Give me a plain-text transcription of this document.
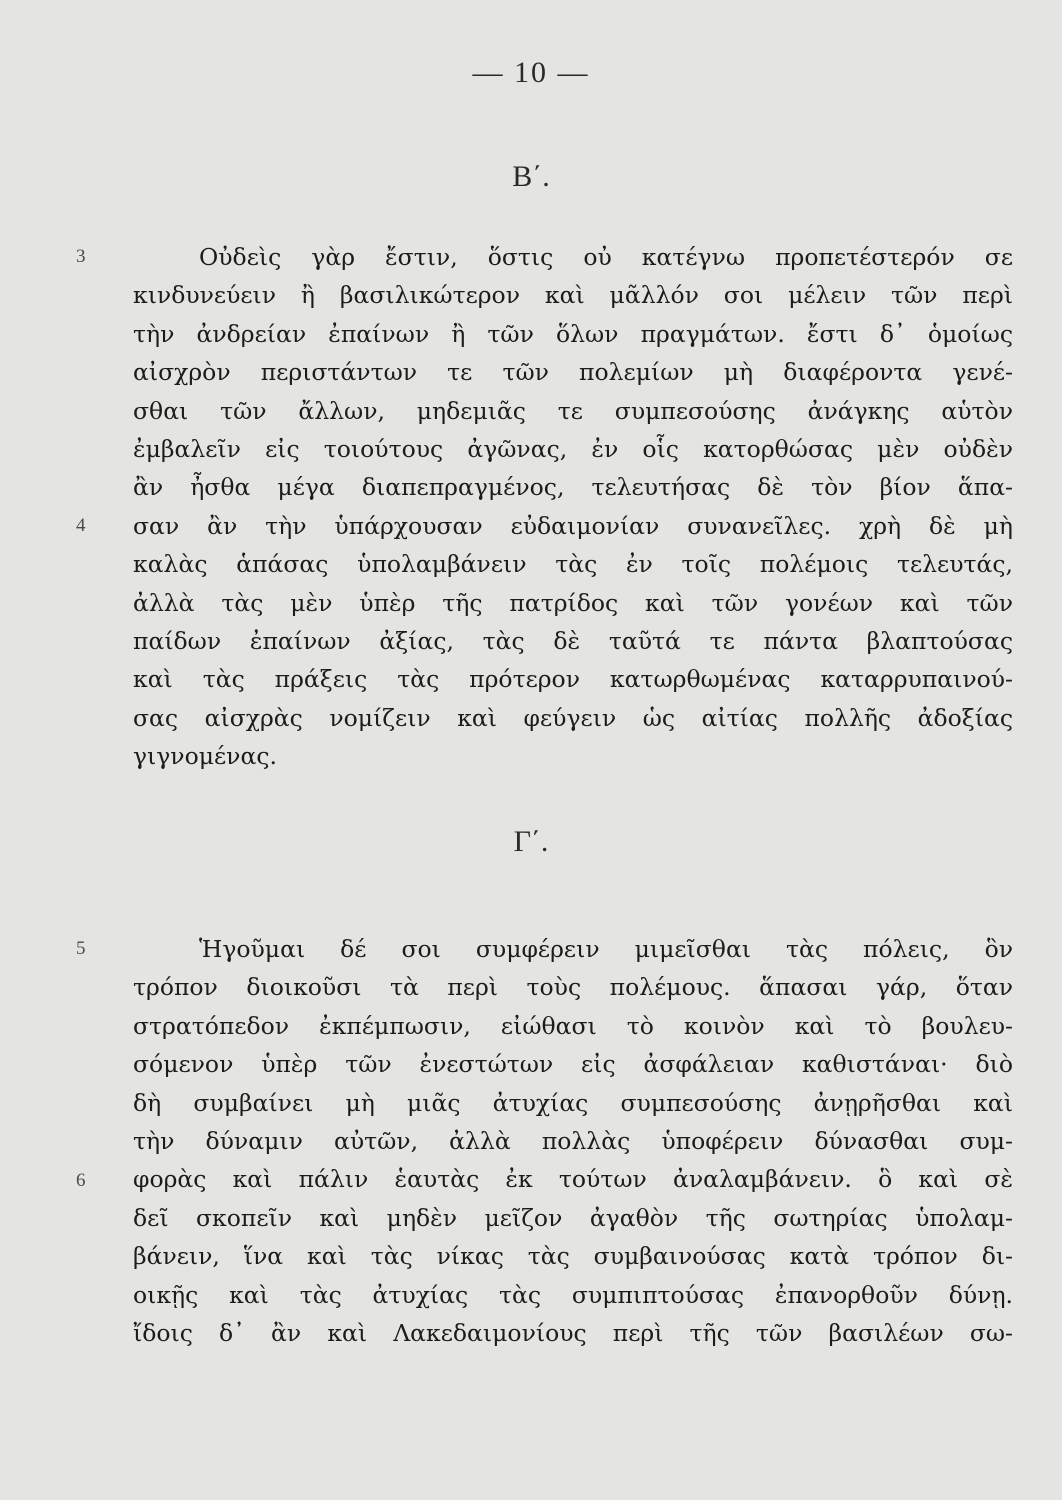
— 10 —
Β΄.
3
4
Οὐδεὶς γὰρ ἔστιν, ὅστις οὐ κατέγνω προπετέστερόν σε
κινδυνεύειν ἢ βασιλικώτερον καὶ μᾶλλόν σοι μέλειν τῶν περὶ
τὴν ἀνδρείαν ἐπαίνων ἢ τῶν ὅλων πραγμάτων. ἔστι δ᾽ ὁμοίως
αἰσχρὸν περιστάντων τε τῶν πολεμίων μὴ διαφέροντα γενέ-
σθαι τῶν ἄλλων, μηδεμιᾶς τε συμπεσούσης ἀνάγκης αὑτὸν
ἐμβαλεῖν εἰς τοιούτους ἀγῶνας, ἐν οἷς κατορθώσας μὲν οὐδὲν
ἂν ἦσθα μέγα διαπεπραγμένος, τελευτήσας δὲ τὸν βίον ἅπα-
σαν ἂν τὴν ὑπάρχουσαν εὐδαιμονίαν συνανεῖλες. χρὴ δὲ μὴ
καλὰς ἁπάσας ὑπολαμβάνειν τὰς ἐν τοῖς πολέμοις τελευτάς,
ἀλλὰ τὰς μὲν ὑπὲρ τῆς πατρίδος καὶ τῶν γονέων καὶ τῶν
παίδων ἐπαίνων ἀξίας, τὰς δὲ ταῦτά τε πάντα βλαπτούσας
καὶ τὰς πράξεις τὰς πρότερον κατωρθωμένας καταρρυπαινού-
σας αἰσχρὰς νομίζειν καὶ φεύγειν ὡς αἰτίας πολλῆς ἀδοξίας
γιγνομένας.
Γ΄.
5
6
Ἡγοῦμαι δέ σοι συμφέρειν μιμεῖσθαι τὰς πόλεις, ὃν
τρόπον διοικοῦσι τὰ περὶ τοὺς πολέμους. ἅπασαι γάρ, ὅταν
στρατόπεδον ἐκπέμπωσιν, εἰώθασι τὸ κοινὸν καὶ τὸ βουλευ-
σόμενον ὑπὲρ τῶν ἐνεστώτων εἰς ἀσφάλειαν καθιστάναι· διὸ
δὴ συμβαίνει μὴ μιᾶς ἀτυχίας συμπεσούσης ἀνῃρῆσθαι καὶ
τὴν δύναμιν αὐτῶν, ἀλλὰ πολλὰς ὑποφέρειν δύνασθαι συμ-
φορὰς καὶ πάλιν ἑαυτὰς ἐκ τούτων ἀναλαμβάνειν. ὃ καὶ σὲ
δεῖ σκοπεῖν καὶ μηδὲν μεῖζον ἀγαθὸν τῆς σωτηρίας ὑπολαμ-
βάνειν, ἵνα καὶ τὰς νίκας τὰς συμβαινούσας κατὰ τρόπον δι-
οικῇς καὶ τὰς ἀτυχίας τὰς συμπιπτούσας ἐπανορθοῦν δύνῃ.
ἴδοις δ᾽ ἂν καὶ Λακεδαιμονίους περὶ τῆς τῶν βασιλέων σω-
